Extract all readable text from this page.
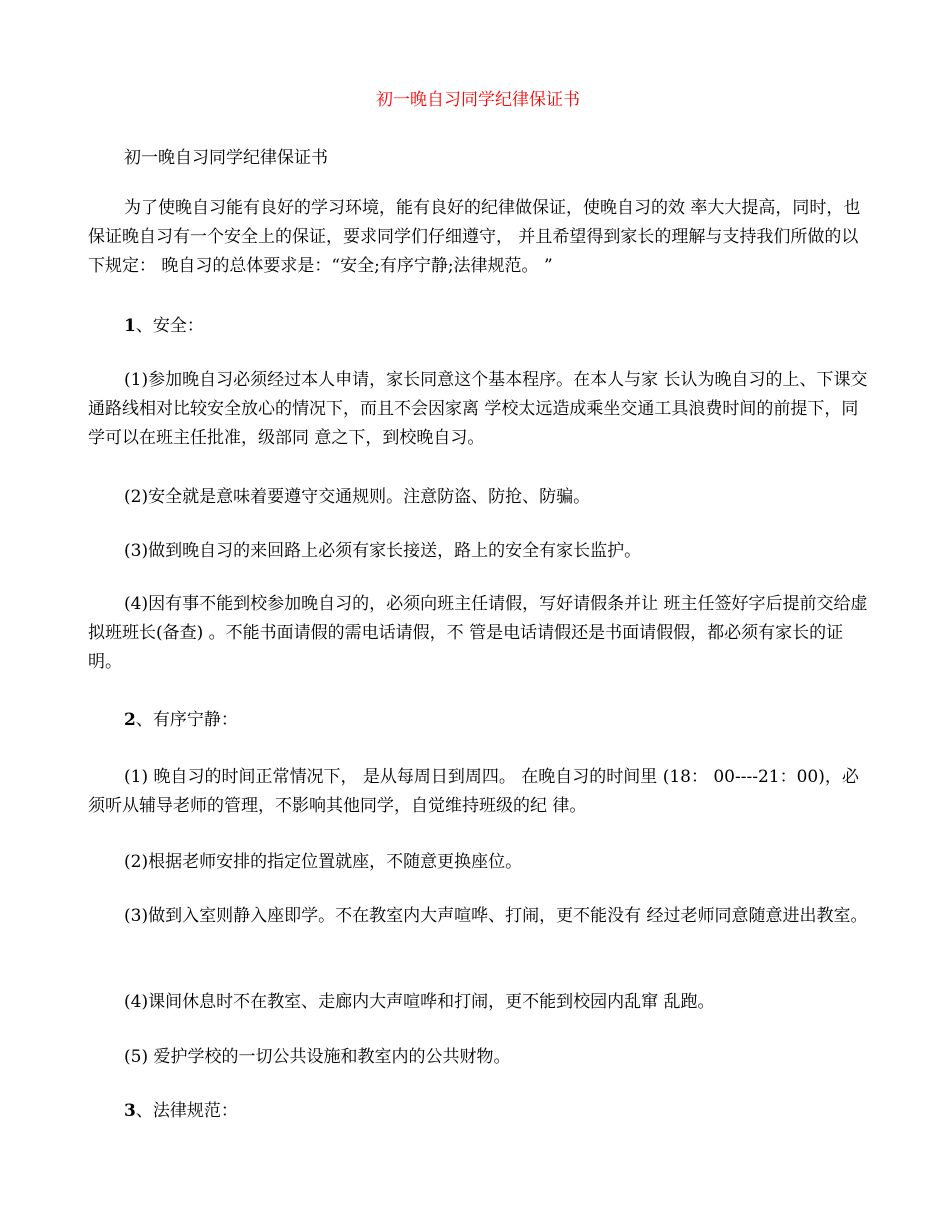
初一晚自习同学纪律保证书

初一晚自习同学纪律保证书

为了使晚自习能有良好的学习环境，能有良好的纪律做保证，使晚自习的效 率大大提高，同时，也保证晚自习有一个安全上的保证，要求同学们仔细遵守， 并且希望得到家长的理解与支持我们所做的以下规定： 晚自习的总体要求是：“安全;有序宁静;法律规范。 ”

1、安全：

(1)参加晚自习必须经过本人申请，家长同意这个基本程序。在本人与家 长认为晚自习的上、下课交通路线相对比较安全放心的情况下，而且不会因家离 学校太远造成乘坐交通工具浪费时间的前提下，同学可以在班主任批准，级部同 意之下，到校晚自习。

(2)安全就是意味着要遵守交通规则。注意防盗、防抢、防骗。

(3)做到晚自习的来回路上必须有家长接送，路上的安全有家长监护。

(4)因有事不能到校参加晚自习的，必须向班主任请假，写好请假条并让 班主任签好字后提前交给虚拟班班长(备查) 。不能书面请假的需电话请假，不 管是电话请假还是书面请假假，都必须有家长的证明。

2、有序宁静：

(1) 晚自习的时间正常情况下， 是从每周日到周四。 在晚自习的时间里 (18： 00----21：00)，必须听从辅导老师的管理，不影响其他同学，自觉维持班级的纪 律。

(2)根据老师安排的指定位置就座，不随意更换座位。

(3)做到入室则静入座即学。不在教室内大声喧哗、打闹，更不能没有 经过老师同意随意进出教室。

(4)课间休息时不在教室、走廊内大声喧哗和打闹，更不能到校园内乱窜 乱跑。

(5) 爱护学校的一切公共设施和教室内的公共财物。

3、法律规范：
